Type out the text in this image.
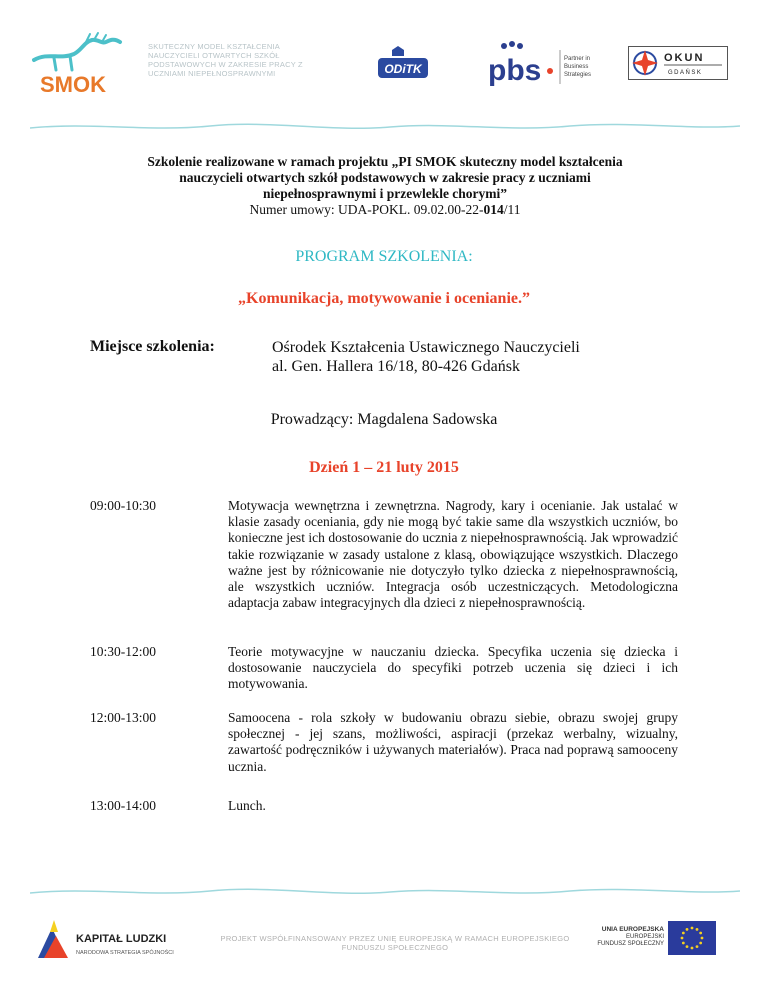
SMOK
SKUTECZNY MODEL KSZTAŁCENIA NAUCZYCIELI OTWARTYCH SZKÓŁ PODSTAWOWYCH W ZAKRESIE PRACY Z UCZNIAMI NIEPEŁNOSPRAWNYMI	ODiTK pbs	Partner in
Business
Strategies
OKUN
GDAŃSK
Szkolenie realizowane w ramach projektu „PI SMOK skuteczny model kształcenia
nauczycieli otwartych szkół podstawowych w zakresie pracy z uczniami
niepełnosprawnymi i przewlekle chorymi”
Numer umowy: UDA-POKL. 09.02.00-22-014/11
PROGRAM SZKOLENIA:
„Komunikacja, motywowanie i ocenianie.”
Miejsce szkolenia:	Ośrodek Kształcenia Ustawicznego Nauczycieli
al. Gen. Hallera 16/18, 80-426 Gdańsk
Prowadzący: Magdalena Sadowska
Dzień 1 – 21 luty 2015
09:00-10:30	Motywacja wewnętrzna i zewnętrzna. Nagrody, kary i ocenianie. Jak ustalać w klasie zasady oceniania, gdy nie mogą być takie same dla wszystkich uczniów, bo konieczne jest ich dostosowanie do ucznia z niepełnosprawnością. Jak wprowadzić takie rozwiązanie w zasady ustalone z klasą, obowiązujące wszystkich. Dlaczego ważne jest by różnicowanie nie dotyczyło tylko dziecka z niepełnosprawnością, ale wszystkich uczniów. Integracja osób uczestniczących. Metodologiczna adaptacja zabaw integracyjnych dla dzieci z niepełnosprawnością.
10:30-12:00	Teorie motywacyjne w nauczaniu dziecka. Specyfika uczenia się dziecka i dostosowanie nauczyciela do specyfiki potrzeb uczenia się dzieci i ich motywowania.
12:00-13:00	Samoocena - rola szkoły w budowaniu obrazu siebie, obrazu swojej grupy społecznej - jej szans, możliwości, aspiracji (przekaz werbalny, wizualny, zawartość podręczników i używanych materiałów). Praca nad poprawą samooceny ucznia.
13:00-14:00	Lunch.
KAPITAŁ LUDZKI
NARODOWA STRATEGIA SPÓJNOŚCI
PROJEKT WSPÓŁFINANSOWANY PRZEZ UNIĘ EUROPEJSKĄ W RAMACH EUROPEJSKIEGO FUNDUSZU SPOŁECZNEGO
UNIA EUROPEJSKA
EUROPEJSKI
FUNDUSZ SPOŁECZNY
